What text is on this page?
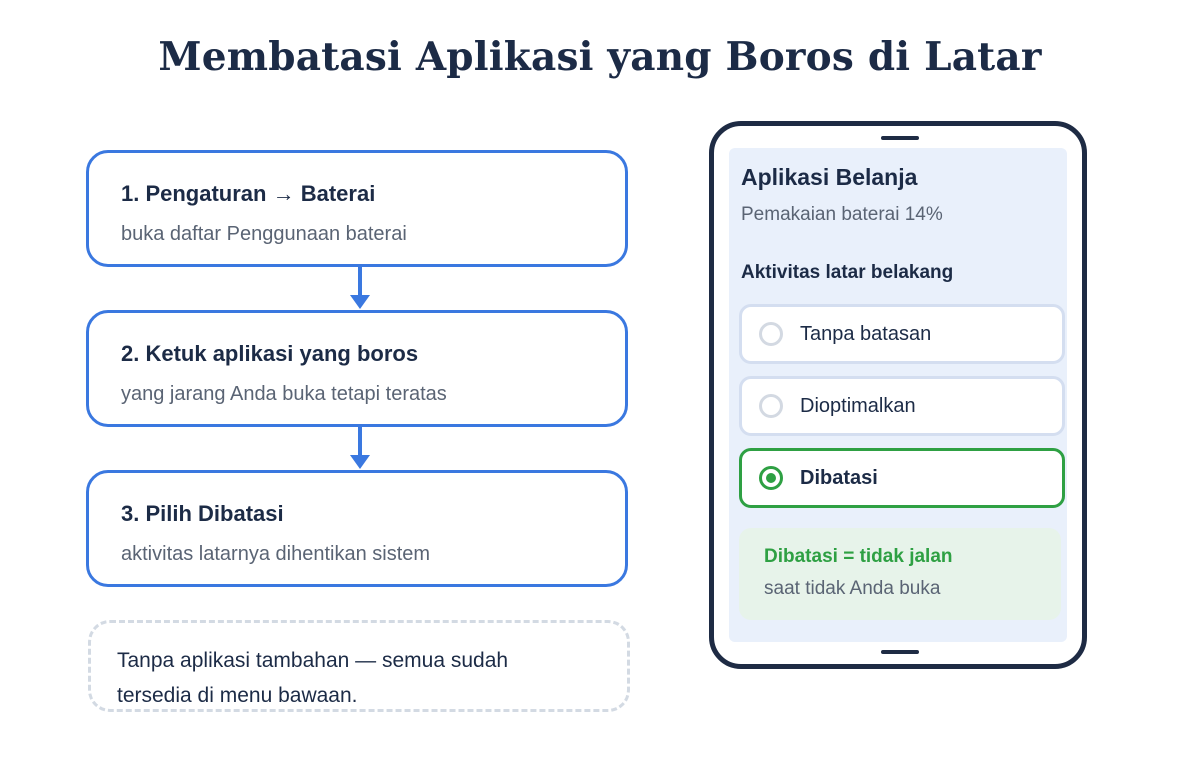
Membatasi Aplikasi yang Boros di Latar
1. Pengaturan → Baterai
buka daftar Penggunaan baterai
2. Ketuk aplikasi yang boros
yang jarang Anda buka tetapi teratas
3. Pilih Dibatasi
aktivitas latarnya dihentikan sistem
Tanpa aplikasi tambahan — semua sudah tersedia di menu bawaan.
Aplikasi Belanja
Pemakaian baterai 14%
Aktivitas latar belakang
Tanpa batasan
Dioptimalkan
Dibatasi
Dibatasi = tidak jalan
saat tidak Anda buka
